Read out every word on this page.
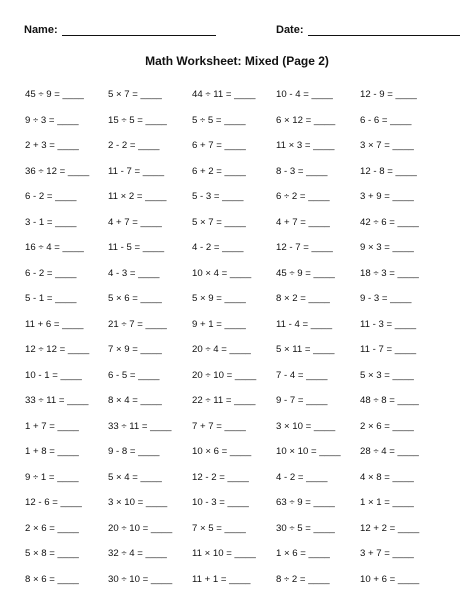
Name:	Date:
Math Worksheet: Mixed (Page 2)
45 ÷ 9 = ____	5 × 7 = ____	44 ÷ 11 = ____	10 - 4 = ____	12 - 9 = ____
9 ÷ 3 = ____	15 ÷ 5 = ____	5 ÷ 5 = ____	6 × 12 = ____	6 - 6 = ____
2 + 3 = ____	2 - 2 = ____	6 + 7 = ____	11 × 3 = ____	3 × 7 = ____
36 ÷ 12 = ____	11 - 7 = ____	6 + 2 = ____	8 - 3 = ____	12 - 8 = ____
6 - 2 = ____	11 × 2 = ____	5 - 3 = ____	6 ÷ 2 = ____	3 + 9 = ____
3 - 1 = ____	4 + 7 = ____	5 × 7 = ____	4 + 7 = ____	42 ÷ 6 = ____
16 ÷ 4 = ____	11 - 5 = ____	4 - 2 = ____	12 - 7 = ____	9 × 3 = ____
6 - 2 = ____	4 - 3 = ____	10 × 4 = ____	45 ÷ 9 = ____	18 ÷ 3 = ____
5 - 1 = ____	5 × 6 = ____	5 × 9 = ____	8 × 2 = ____	9 - 3 = ____
11 + 6 = ____	21 ÷ 7 = ____	9 + 1 = ____	11 - 4 = ____	11 - 3 = ____
12 ÷ 12 = ____	7 × 9 = ____	20 ÷ 4 = ____	5 × 11 = ____	11 - 7 = ____
10 - 1 = ____	6 - 5 = ____	20 ÷ 10 = ____	7 - 4 = ____	5 × 3 = ____
33 ÷ 11 = ____	8 × 4 = ____	22 ÷ 11 = ____	9 - 7 = ____	48 ÷ 8 = ____
1 + 7 = ____	33 ÷ 11 = ____	7 + 7 = ____	3 × 10 = ____	2 × 6 = ____
1 + 8 = ____	9 - 8 = ____	10 × 6 = ____	10 × 10 = ____	28 ÷ 4 = ____
9 ÷ 1 = ____	5 × 4 = ____	12 - 2 = ____	4 - 2 = ____	4 × 8 = ____
12 - 6 = ____	3 × 10 = ____	10 - 3 = ____	63 ÷ 9 = ____	1 × 1 = ____
2 × 6 = ____	20 ÷ 10 = ____	7 × 5 = ____	30 ÷ 5 = ____	12 + 2 = ____
5 × 8 = ____	32 ÷ 4 = ____	11 × 10 = ____	1 × 6 = ____	3 + 7 = ____
8 × 6 = ____	30 ÷ 10 = ____	11 + 1 = ____	8 ÷ 2 = ____	10 + 6 = ____
